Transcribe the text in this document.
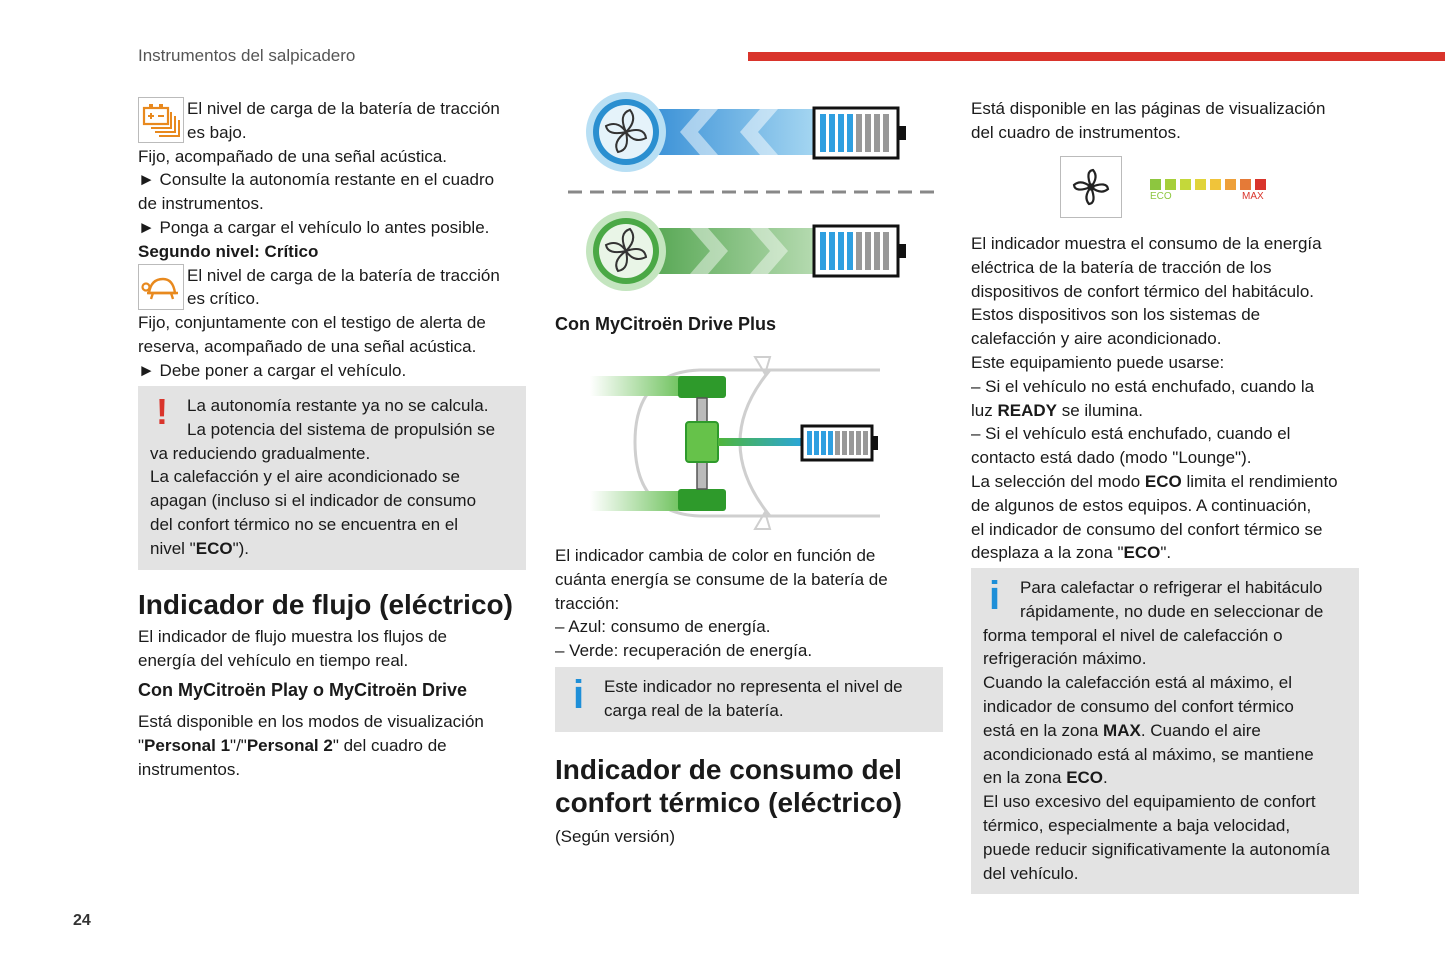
Instrumentos del salpicadero

El nivel de carga de la batería de tracción

es bajo.

Fijo, acompañado de una señal acústica.

► Consulte la autonomía restante en el cuadro

de instrumentos.

► Ponga a cargar el vehículo lo antes posible.

Segundo nivel: Crítico

El nivel de carga de la batería de tracción

es crítico.

Fijo, conjuntamente con el testigo de alerta de

reserva, acompañado de una señal acústica.

► Debe poner a cargar el vehículo.

!	La autonomía restante ya no se calcula.

La potencia del sistema de propulsión se

va reduciendo gradualmente.

La calefacción y el aire acondicionado se

apagan (incluso si el indicador de consumo

del confort térmico no se encuentra en el

nivel "ECO").

Indicador de flujo (eléctrico)

El indicador de flujo muestra los flujos de

energía del vehículo en tiempo real.

Con MyCitroën Play o MyCitroën Drive

Está disponible en los modos de visualización

"Personal 1"/"Personal 2" del cuadro de

instrumentos.

Con MyCitroën Drive Plus

El indicador cambia de color en función de

cuánta energía se consume de la batería de

tracción:

– Azul: consumo de energía.

– Verde: recuperación de energía.

i Este indicador no representa el nivel de

carga real de la batería.

Indicador de consumo del
confort térmico (eléctrico)

(Según versión)

Está disponible en las páginas de visualización

del cuadro de instrumentos.

ECO	MAX

El indicador muestra el consumo de la energía

eléctrica de la batería de tracción de los

dispositivos de confort térmico del habitáculo.

Estos dispositivos son los sistemas de

calefacción y aire acondicionado.

Este equipamiento puede usarse:

– Si el vehículo no está enchufado, cuando la

luz READY se ilumina.

– Si el vehículo está enchufado, cuando el

contacto está dado (modo "Lounge").

La selección del modo ECO limita el rendimiento

de algunos de estos equipos. A continuación,

el indicador de consumo del confort térmico se

desplaza a la zona "ECO".

i	Para calefactar o refrigerar el habitáculo

rápidamente, no dude en seleccionar de

forma temporal el nivel de calefacción o

refrigeración máximo.

Cuando la calefacción está al máximo, el

indicador de consumo del confort térmico

está en la zona MAX. Cuando el aire

acondicionado está al máximo, se mantiene

en la zona ECO.

El uso excesivo del equipamiento de confort

térmico, especialmente a baja velocidad,

puede reducir significativamente la autonomía

del vehículo.

24
